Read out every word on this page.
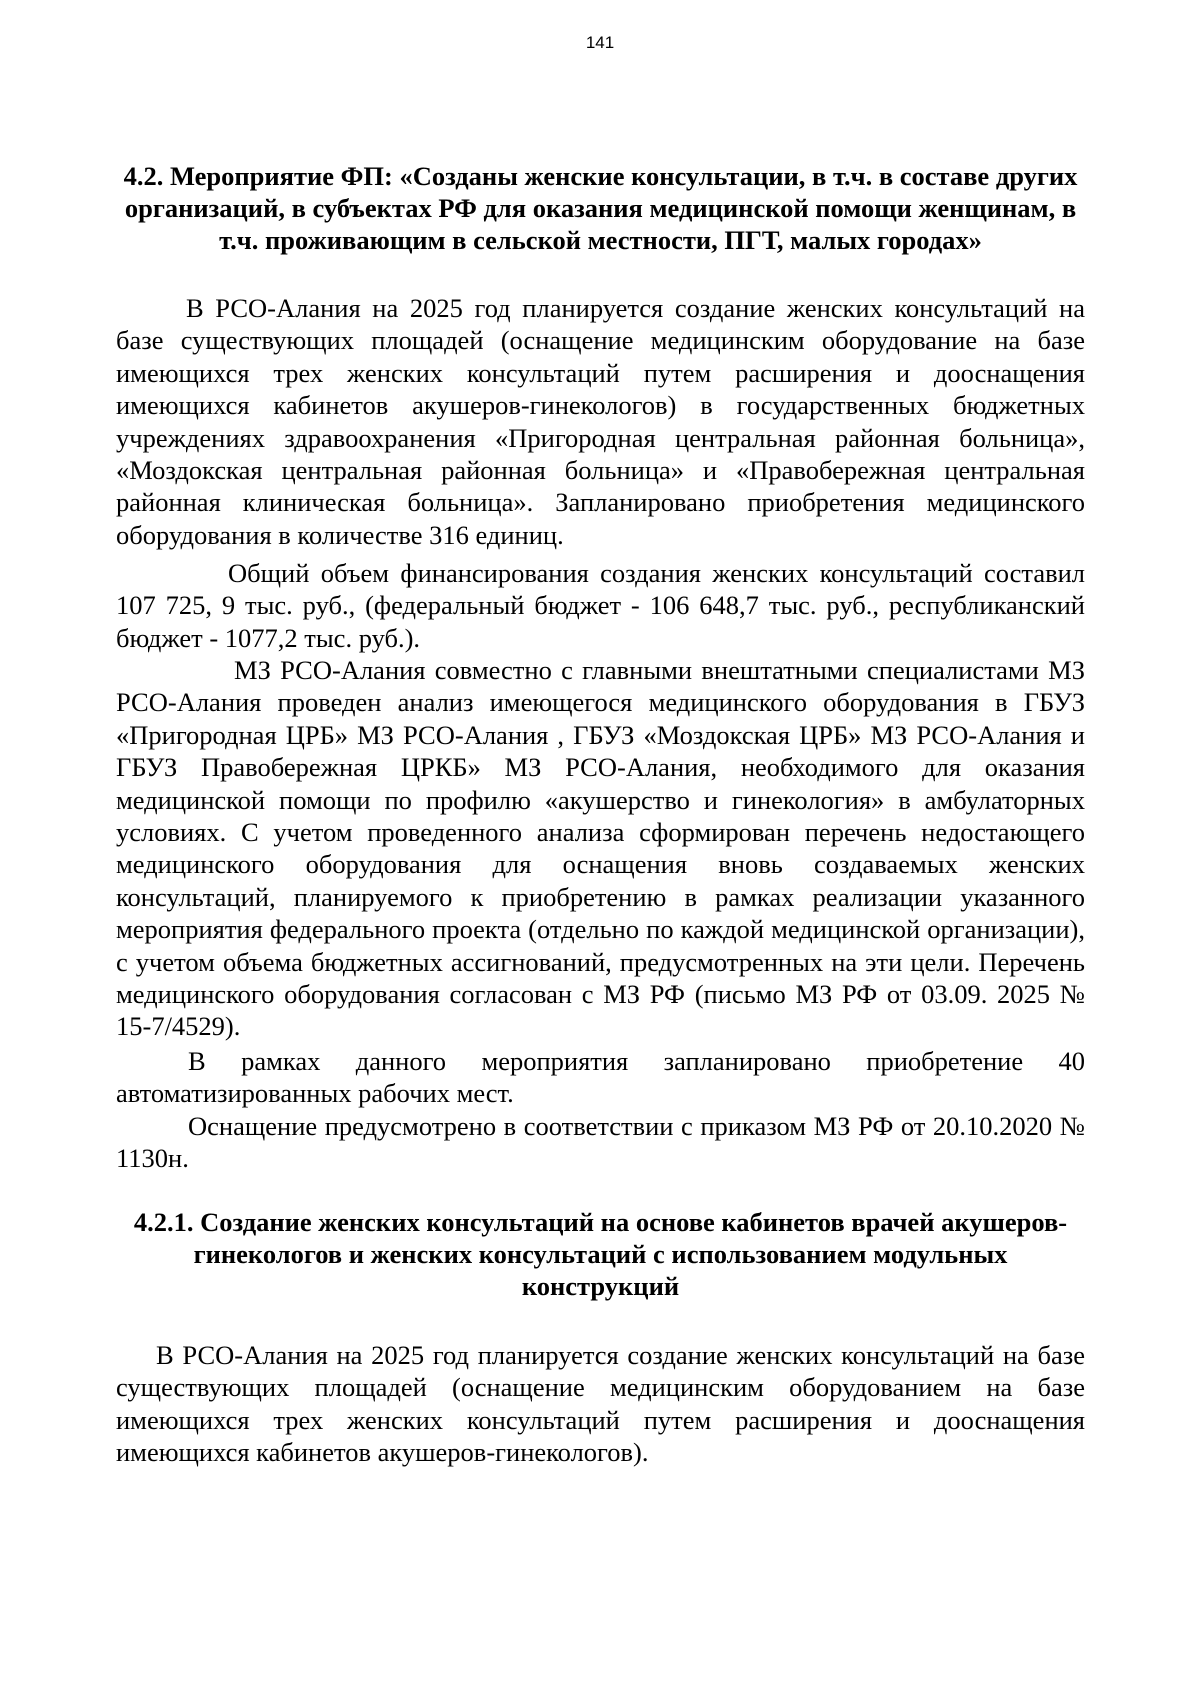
141
4.2. Мероприятие ФП: «Созданы женские консультации, в т.ч. в составе других организаций, в субъектах РФ для оказания медицинской помощи женщинам, в т.ч. проживающим в сельской местности, ПГТ, малых городах»

В РСО-Алания на 2025 год планируется создание женских консультаций на базе существующих площадей (оснащение медицинским оборудование на базе имеющихся трех женских консультаций путем расширения и дооснащения имеющихся кабинетов акушеров-гинекологов) в государственных бюджетных учреждениях здравоохранения «Пригородная центральная районная больница», «Моздокская центральная районная больница» и «Правобережная центральная районная клиническая больница». Запланировано приобретения медицинского оборудования в количестве 316 единиц.

Общий объем финансирования создания женских консультаций составил 107 725, 9 тыс. руб., (федеральный бюджет - 106 648,7 тыс. руб., республиканский бюджет - 1077,2 тыс. руб.).

МЗ РСО-Алания совместно с главными внештатными специалистами МЗ РСО-Алания проведен анализ имеющегося медицинского оборудования в ГБУЗ «Пригородная ЦРБ» МЗ РСО-Алания , ГБУЗ «Моздокская ЦРБ» МЗ РСО-Алания и ГБУЗ Правобережная ЦРКБ» МЗ РСО-Алания, необходимого для оказания медицинской помощи по профилю «акушерство и гинекология» в амбулаторных условиях. С учетом проведенного анализа сформирован перечень недостающего медицинского оборудования для оснащения вновь создаваемых женских консультаций, планируемого к приобретению в рамках реализации указанного мероприятия федерального проекта (отдельно по каждой медицинской организации), с учетом объема бюджетных ассигнований, предусмотренных на эти цели. Перечень медицинского оборудования согласован с МЗ РФ (письмо МЗ РФ от 03.09. 2025 № 15-7/4529).

В рамках данного мероприятия запланировано приобретение 40 автоматизированных рабочих мест.

Оснащение предусмотрено в соответствии с приказом МЗ РФ от 20.10.2020 № 1130н.

4.2.1. Создание женских консультаций на основе кабинетов врачей акушеров-гинекологов и женских консультаций с использованием модульных конструкций

В РСО-Алания на 2025 год планируется создание женских консультаций на базе существующих площадей (оснащение медицинским оборудованием на базе имеющихся трех женских консультаций путем расширения и дооснащения имеющихся кабинетов акушеров-гинекологов).
